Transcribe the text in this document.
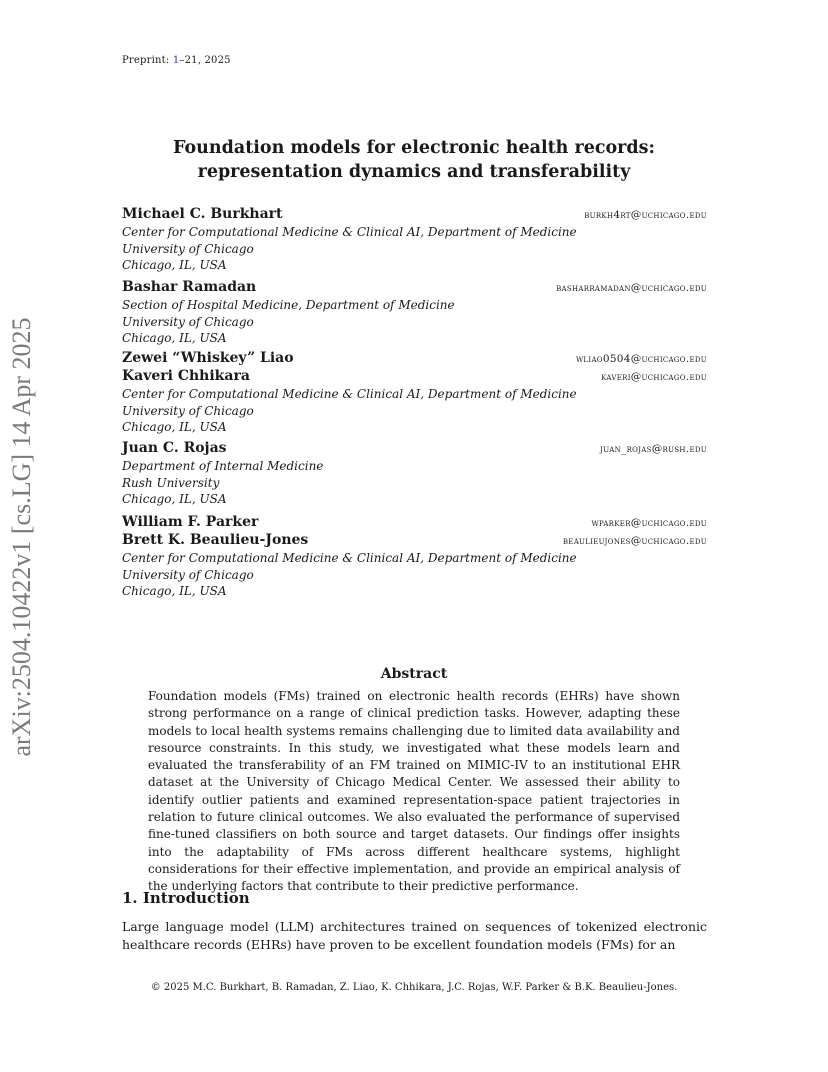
Preprint: 1–21, 2025
arXiv:2504.10422v1 [cs.LG] 14 Apr 2025
Foundation models for electronic health records:
representation dynamics and transferability
Michael C. Burkhart	burkh4rt@uchicago.edu
Center for Computational Medicine & Clinical AI, Department of Medicine
University of Chicago
Chicago, IL, USA
Bashar Ramadan	basharramadan@uchicago.edu
Section of Hospital Medicine, Department of Medicine
University of Chicago
Chicago, IL, USA
Zewei “Whiskey” Liao	wliao0504@uchicago.edu
Kaveri Chhikara	kaveri@uchicago.edu
Center for Computational Medicine & Clinical AI, Department of Medicine
University of Chicago
Chicago, IL, USA
Juan C. Rojas	juan_rojas@rush.edu
Department of Internal Medicine
Rush University
Chicago, IL, USA
William F. Parker	wparker@uchicago.edu
Brett K. Beaulieu-Jones	beaulieujones@uchicago.edu
Center for Computational Medicine & Clinical AI, Department of Medicine
University of Chicago
Chicago, IL, USA
Abstract
Foundation models (FMs) trained on electronic health records (EHRs) have shown strong performance on a range of clinical prediction tasks. However, adapting these models to local health systems remains challenging due to limited data availability and resource constraints. In this study, we investigated what these models learn and evaluated the transferability of an FM trained on MIMIC-IV to an institutional EHR dataset at the University of Chicago Medical Center. We assessed their ability to identify outlier patients and examined representation-space patient trajectories in relation to future clinical outcomes. We also evaluated the performance of supervised fine-tuned classifiers on both source and target datasets. Our findings offer insights into the adaptability of FMs across different healthcare systems, highlight considerations for their effective implementation, and provide an empirical analysis of the underlying factors that contribute to their predictive performance.
1. Introduction
Large language model (LLM) architectures trained on sequences of tokenized electronic healthcare records (EHRs) have proven to be excellent foundation models (FMs) for an
© 2025 M.C. Burkhart, B. Ramadan, Z. Liao, K. Chhikara, J.C. Rojas, W.F. Parker & B.K. Beaulieu-Jones.
